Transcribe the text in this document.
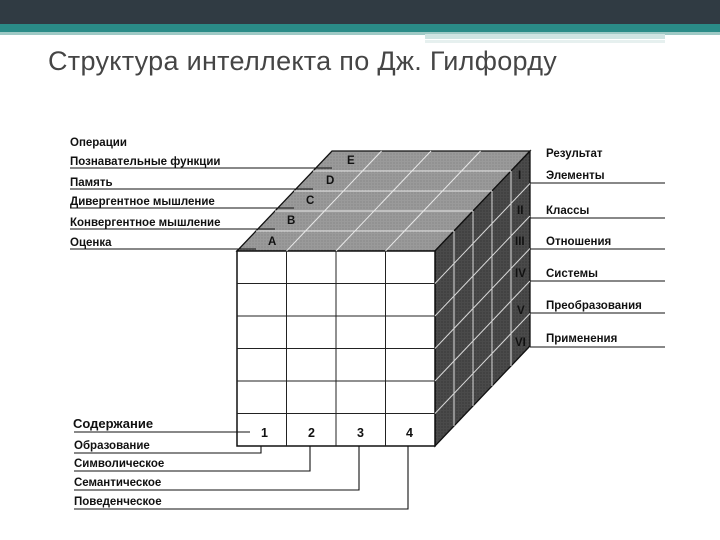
Структура интеллекта по Дж. Гилфорду
Операции
Познавательные функции
Память
Дивергентное мышление
Конвергентное мышление
Оценка
E
D
C
B
A
Результат
Элементы
Классы
Отношения
Системы
Преобразования
Применения
I
II
III
IV
V
VI
1	2	3	4
Содержание
Образование
Символическое
Семантическое
Поведенческое
